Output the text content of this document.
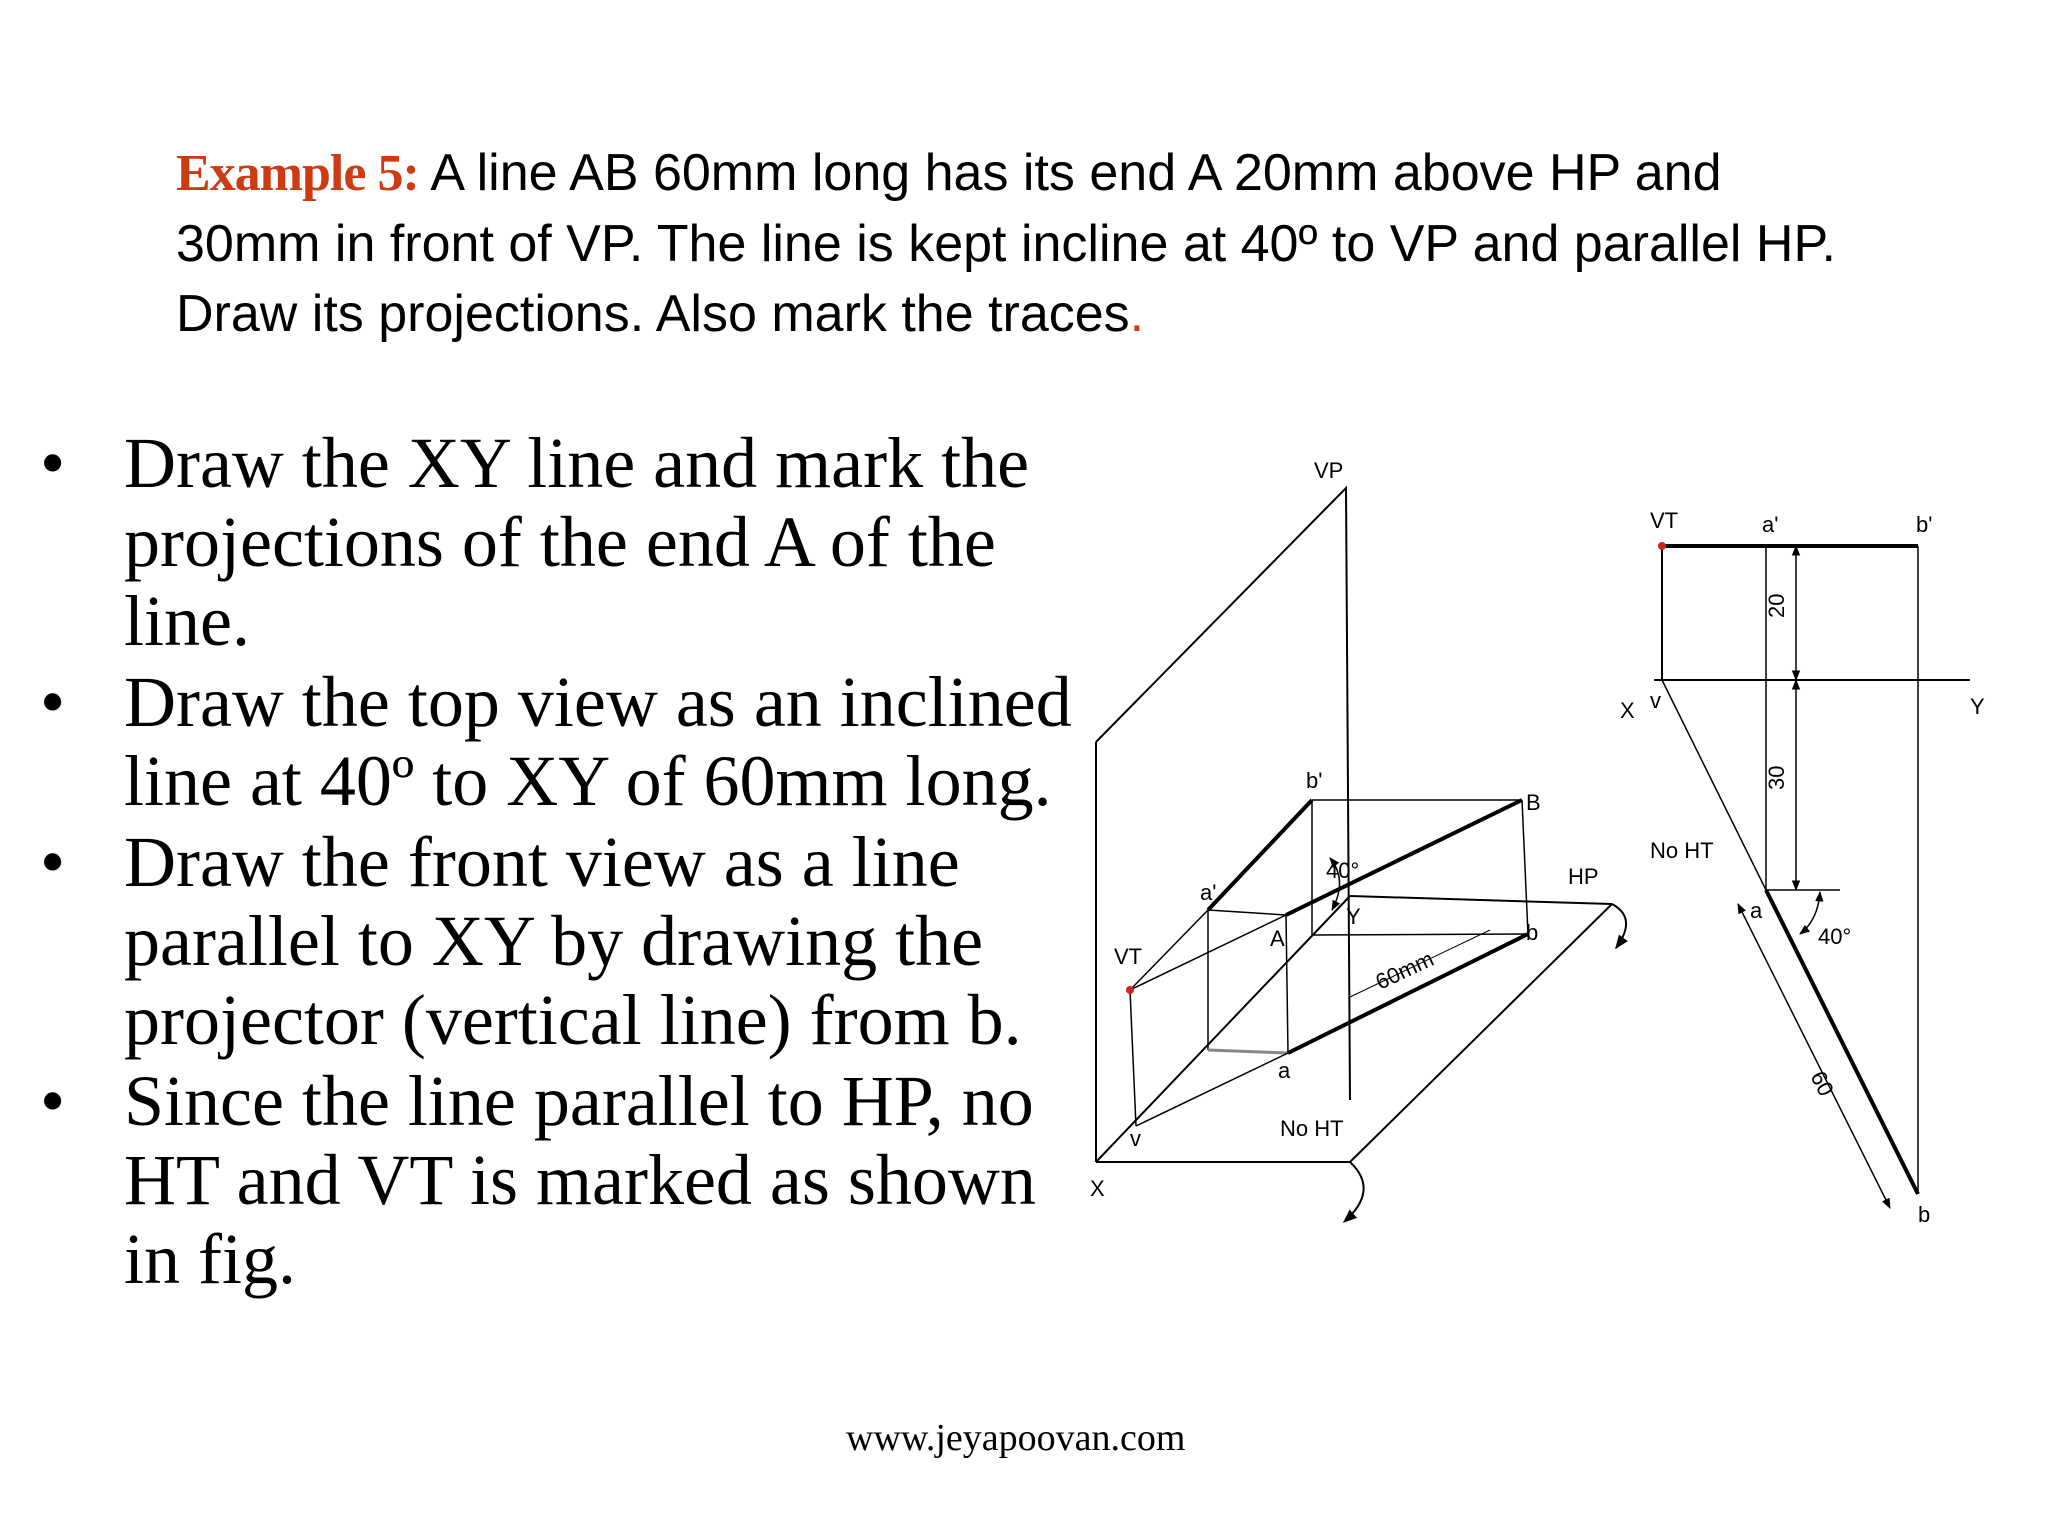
Example 5: A line AB 60mm long has its end A 20mm above HP and 30mm in front of VP. The line is kept incline at 40º to VP and parallel HP. Draw its projections. Also mark the traces.
• Draw the XY line and mark the projections of the end A of the line.
• Draw the top view as an inclined line at 40º to XY of 60mm long.
• Draw the front view as a line parallel to XY by drawing the projector (vertical line) from b.
• Since the line parallel to HP, no HT and VT is marked as shown in fig.
VP
HP
X
VT
a'
b'
A
B
a
b
v
Y
40°
60mm
No HT
VT	a'	b'
X v	Y
20
30
No HT
a
b
40°
60
www.jeyapoovan.com
